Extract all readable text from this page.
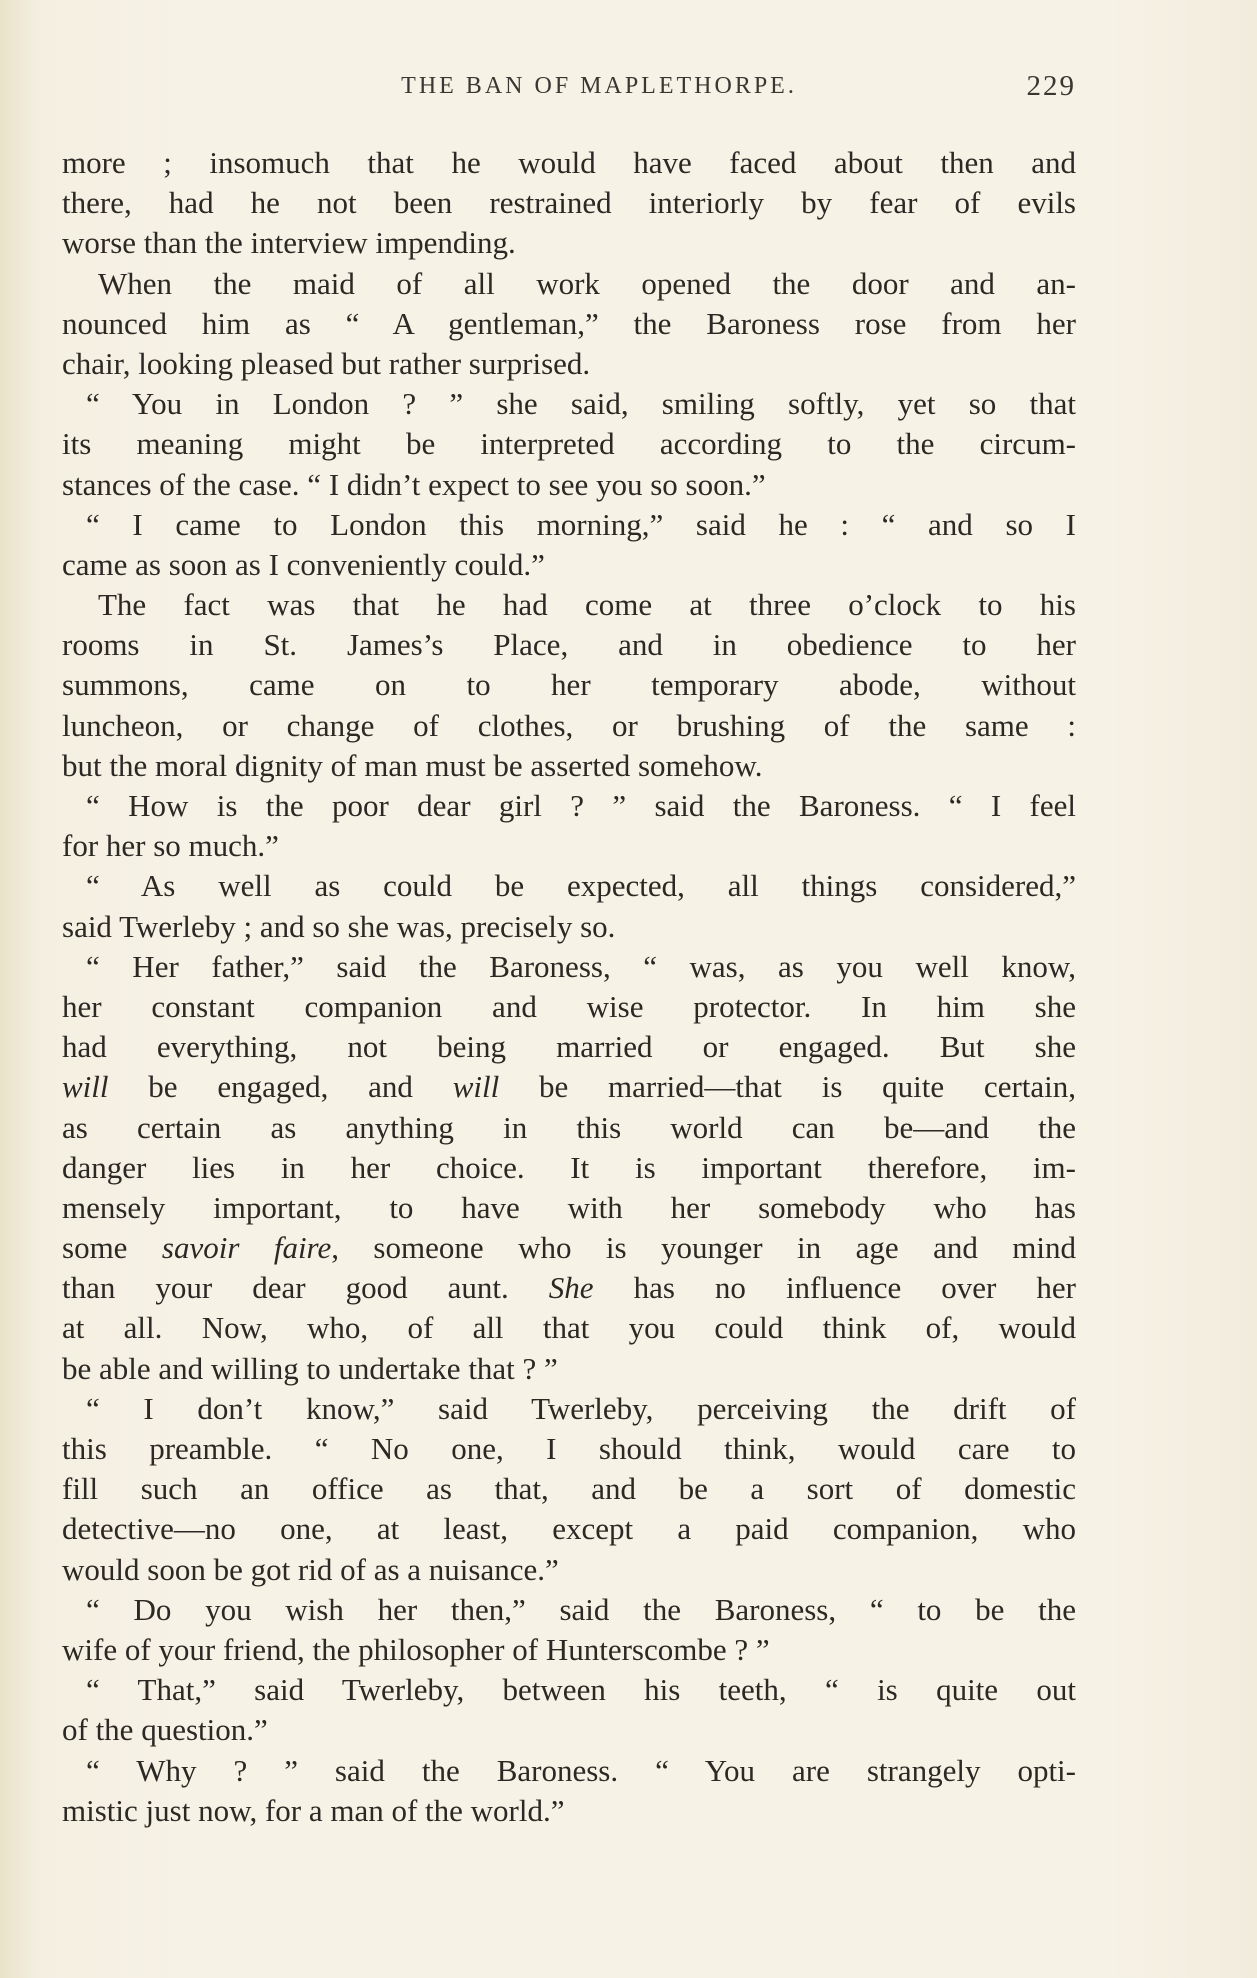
THE BAN OF MAPLETHORPE.	229
more ; insomuch that he would have faced about then and
there, had he not been restrained interiorly by fear of evils
worse than the interview impending.
When the maid of all work opened the door and an-
nounced him as “ A gentleman,” the Baroness rose from her
chair, looking pleased but rather surprised.
“ You in London ? ” she said, smiling softly, yet so that
its meaning might be interpreted according to the circum-
stances of the case. “ I didn’t expect to see you so soon.”
“ I came to London this morning,” said he : “ and so I
came as soon as I conveniently could.”
The fact was that he had come at three o’clock to his
rooms in St. James’s Place, and in obedience to her
summons, came on to her temporary abode, without
luncheon, or change of clothes, or brushing of the same :
but the moral dignity of man must be asserted somehow.
“ How is the poor dear girl ? ” said the Baroness. “ I feel
for her so much.”
“ As well as could be expected, all things considered,”
said Twerleby ; and so she was, precisely so.
“ Her father,” said the Baroness, “ was, as you well know,
her constant companion and wise protector. In him she
had everything, not being married or engaged. But she
will be engaged, and will be married—that is quite certain,
as certain as anything in this world can be—and the
danger lies in her choice. It is important therefore, im-
mensely important, to have with her somebody who has
some savoir faire, someone who is younger in age and mind
than your dear good aunt. She has no influence over her
at all. Now, who, of all that you could think of, would
be able and willing to undertake that ? ”
“ I don’t know,” said Twerleby, perceiving the drift of
this preamble. “ No one, I should think, would care to
fill such an office as that, and be a sort of domestic
detective—no one, at least, except a paid companion, who
would soon be got rid of as a nuisance.”
“ Do you wish her then,” said the Baroness, “ to be the
wife of your friend, the philosopher of Hunterscombe ? ”
“ That,” said Twerleby, between his teeth, “ is quite out
of the question.”
“ Why ? ” said the Baroness. “ You are strangely opti-
mistic just now, for a man of the world.”
